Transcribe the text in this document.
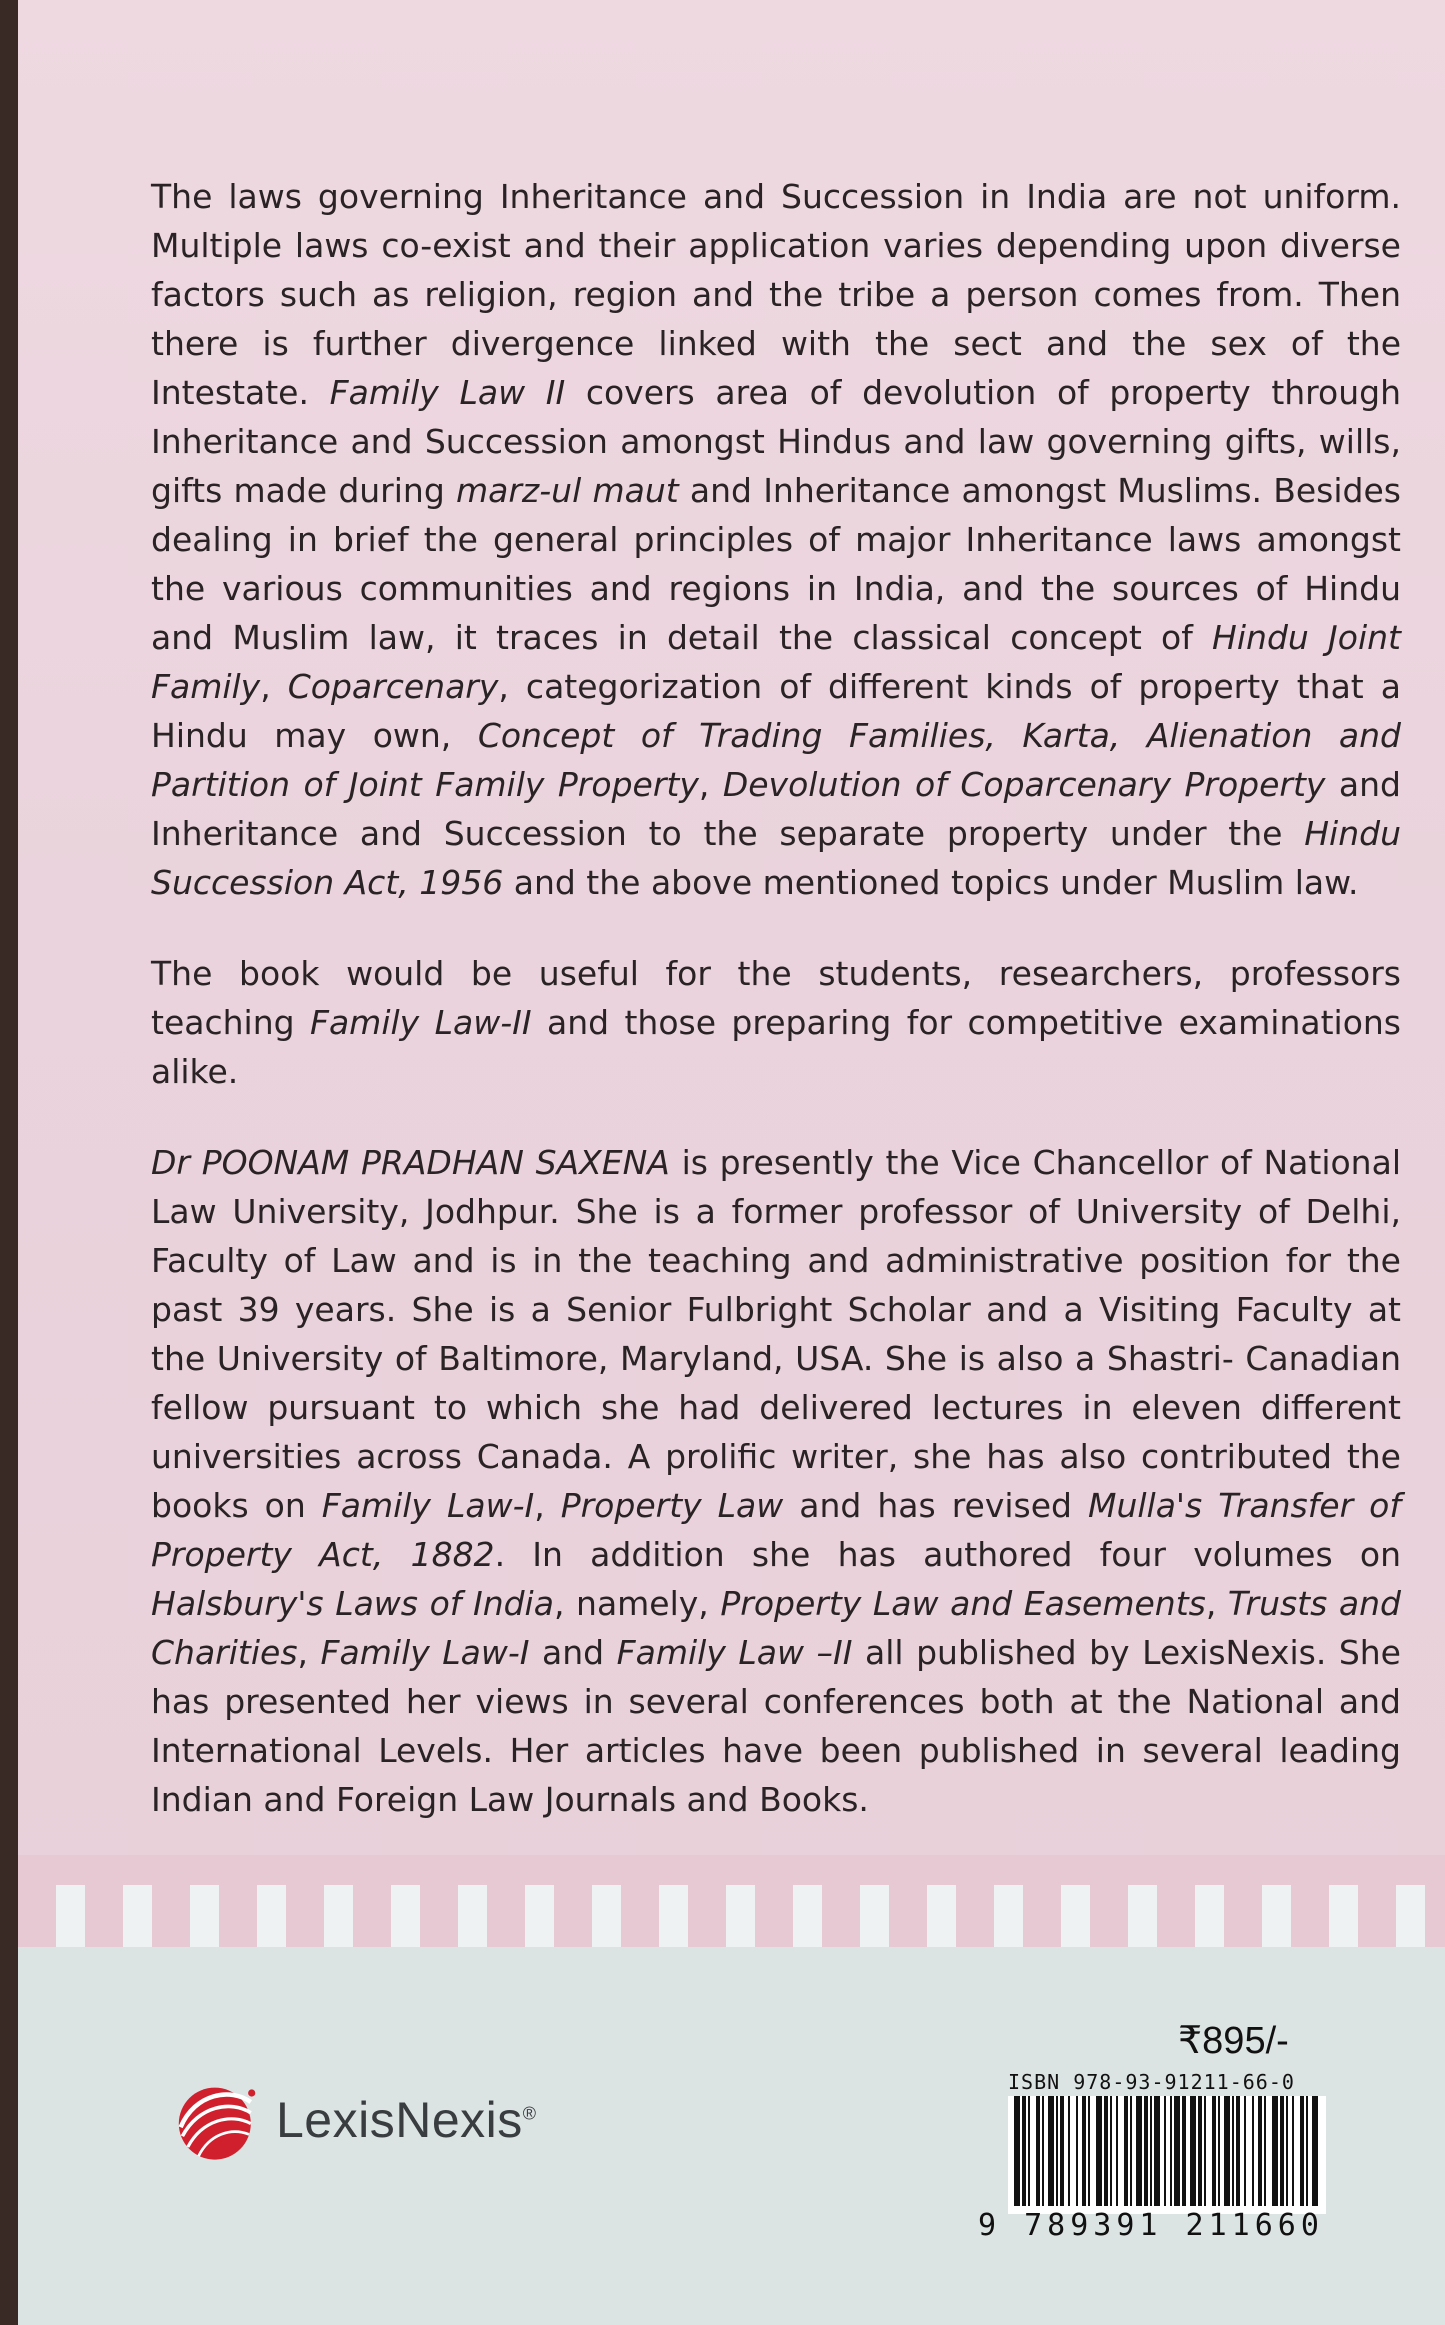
The laws governing Inheritance and Succession in India are not uniform. Multiple laws co-exist and their application varies depending upon diverse factors such as religion, region and the tribe a person comes from. Then there is further divergence linked with the sect and the sex of the Intestate. Family Law II covers area of devolution of property through Inheritance and Succession amongst Hindus and law governing gifts, wills, gifts made during marz-ul maut and Inheritance amongst Muslims. Besides dealing in brief the general principles of major Inheritance laws amongst the various communities and regions in India, and the sources of Hindu and Muslim law, it traces in detail the classical concept of Hindu Joint Family, Coparcenary, categorization of different kinds of property that a Hindu may own, Concept of Trading Families, Karta, Alienation and Partition of Joint Family Property, Devolution of Coparcenary Property and Inheritance and Succession to the separate property under the Hindu Succession Act, 1956 and the above mentioned topics under Muslim law.

The book would be useful for the students, researchers, professors teaching Family Law-II and those preparing for competitive examinations alike.

Dr POONAM PRADHAN SAXENA is presently the Vice Chancellor of National Law University, Jodhpur. She is a former professor of University of Delhi, Faculty of Law and is in the teaching and administrative position for the past 39 years. She is a Senior Fulbright Scholar and a Visiting Faculty at the University of Baltimore, Maryland, USA. She is also a Shastri- Canadian fellow pursuant to which she had delivered lectures in eleven different universities across Canada. A prolific writer, she has also contributed the books on Family Law-I, Property Law and has revised Mulla's Transfer of Property Act, 1882. In addition she has authored four volumes on Halsbury's Laws of India, namely, Property Law and Easements, Trusts and Charities, Family Law-I and Family Law –II all published by LexisNexis. She has presented her views in several conferences both at the National and International Levels. Her articles have been published in several leading Indian and Foreign Law Journals and Books.

LexisNexis®
₹895/-
ISBN 978-93-91211-66-0
9 789391 211660
